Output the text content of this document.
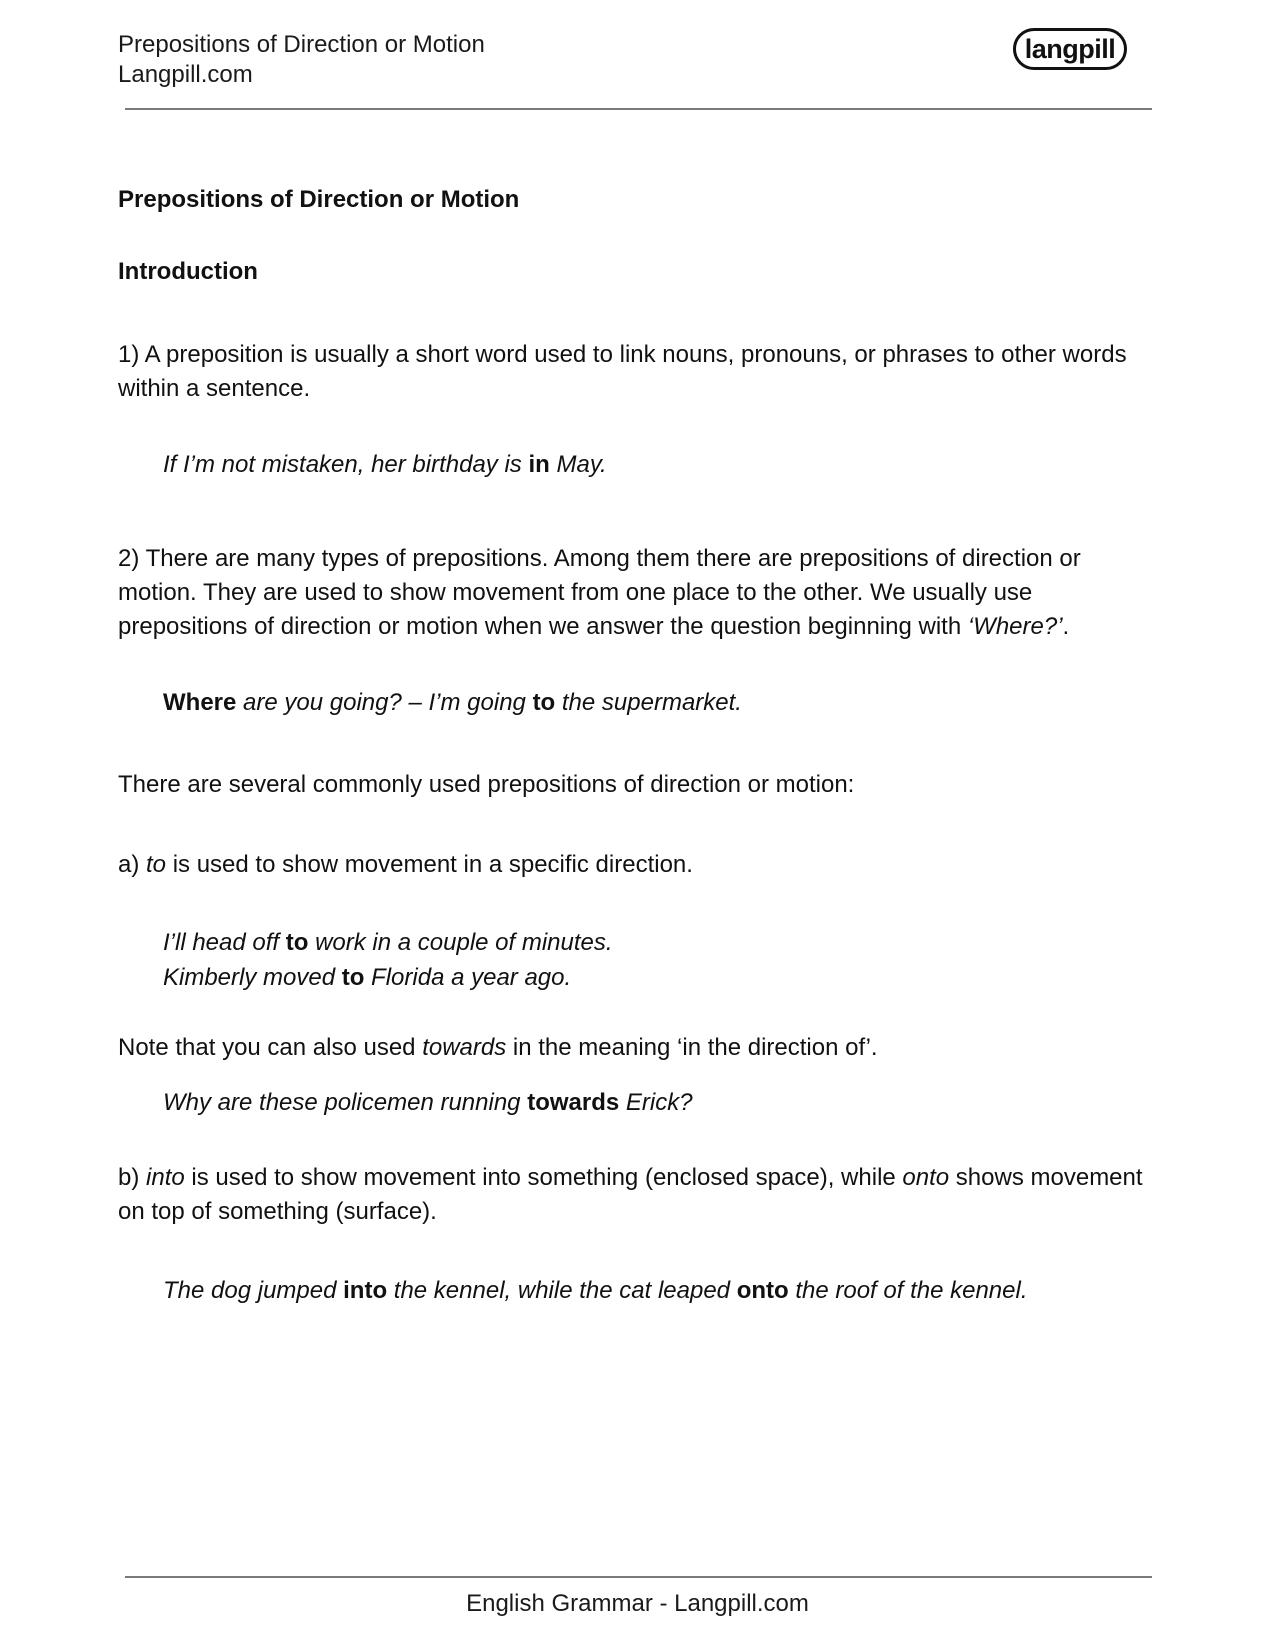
Prepositions of Direction or Motion
Langpill.com
langpill
Prepositions of Direction or Motion
Introduction
1) A preposition is usually a short word used to link nouns, pronouns, or phrases to other words within a sentence.
If I’m not mistaken, her birthday is in May.
2) There are many types of prepositions. Among them there are prepositions of direction or motion. They are used to show movement from one place to the other. We usually use prepositions of direction or motion when we answer the question beginning with ‘Where?’.
Where are you going? – I’m going to the supermarket.
There are several commonly used prepositions of direction or motion:
a) to is used to show movement in a specific direction.
I’ll head off to work in a couple of minutes.
Kimberly moved to Florida a year ago.
Note that you can also used towards in the meaning ‘in the direction of’.
Why are these policemen running towards Erick?
b) into is used to show movement into something (enclosed space), while onto shows movement on top of something (surface).
The dog jumped into the kennel, while the cat leaped onto the roof of the kennel.
English Grammar - Langpill.com
